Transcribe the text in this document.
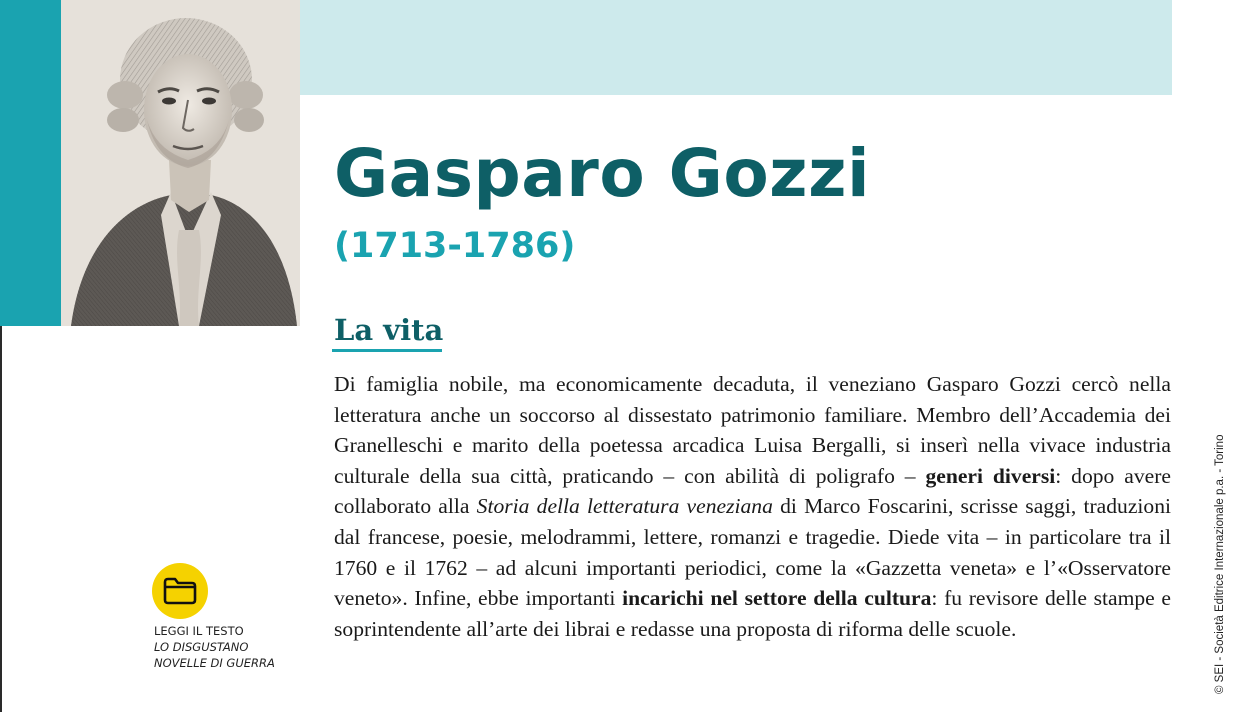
Gasparo Gozzi
(1713-1786)
La vita

Di famiglia nobile, ma economicamente decaduta, il veneziano Gasparo Gozzi cercò nella letteratura anche un soccorso al dissestato patrimonio familiare. Membro dell’Accademia dei Granelleschi e marito della poetessa arcadica Luisa Bergalli, si inserì nella vivace industria culturale della sua città, praticando – con abilità di poligrafo – generi diversi: dopo avere collaborato alla Storia della letteratura veneziana di Marco Foscarini, scrisse saggi, traduzioni dal francese, poesie, melodrammi, lettere, romanzi e tragedie. Diede vita – in particolare tra il 1760 e il 1762 – ad alcuni importanti periodici, come la «Gazzetta veneta» e l’«Osservatore veneto». Infine, ebbe importanti incarichi nel settore della cultura: fu revisore delle stampe e soprintendente all’arte dei librai e redasse una proposta di riforma delle scuole.

LEGGI IL TESTO
LO DISGUSTANO
NOVELLE DI GUERRA	© SEI - Società Editrice Internazionale p.a. - Torino
